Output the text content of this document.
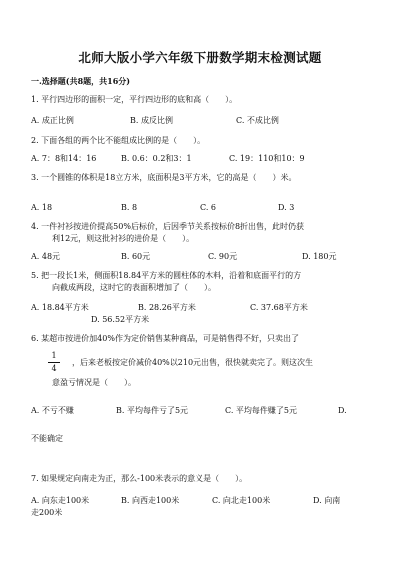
北师大版小学六年级下册数学期末检测试题
一.选择题(共8题，共16分)
1. 平行四边形的面积一定，平行四边形的底和高（　　）。
A. 成正比例	B. 成反比例	C. 不成比例
2. 下面各组的两个比不能组成比例的是（　　）。
A. 7：8和14：16	B. 0.6：0.2和3：1	C. 19：110和10：9
3. 一个圆锥的体积是18立方米，底面积是3平方米，它的高是（　　）米。
A. 18	B. 8	C. 6	D. 3
4. 一件衬衫按进价提高50%后标价，后因季节关系按标价8折出售，此时仍获
利12元，则这批衬衫的进价是（　　）。
A. 48元	B. 60元	C. 90元	D. 180元
5. 把一段长1米，侧面积18.84平方米的圆柱体的木料，沿着和底面平行的方
向截成两段，这时它的表面积增加了（　　）。
A. 18.84平方米	B. 28.26平方米	C. 37.68平方米
D. 56.52平方米
6. 某超市按进价加40%作为定价销售某种商品，可是销售得不好，只卖出了
$\frac{1}{4}$ ，后来老板按定价减价40%以210元出售，很快就卖完了。则这次生
意盈亏情况是（　　）。
A. 不亏不赚	B. 平均每件亏了5元	C. 平均每件赚了5元	D.
不能确定
7. 如果规定向南走为正，那么-100米表示的意义是（　　）。
A. 向东走100米	B. 向西走100米	C. 向北走100米	D. 向南
走200米
